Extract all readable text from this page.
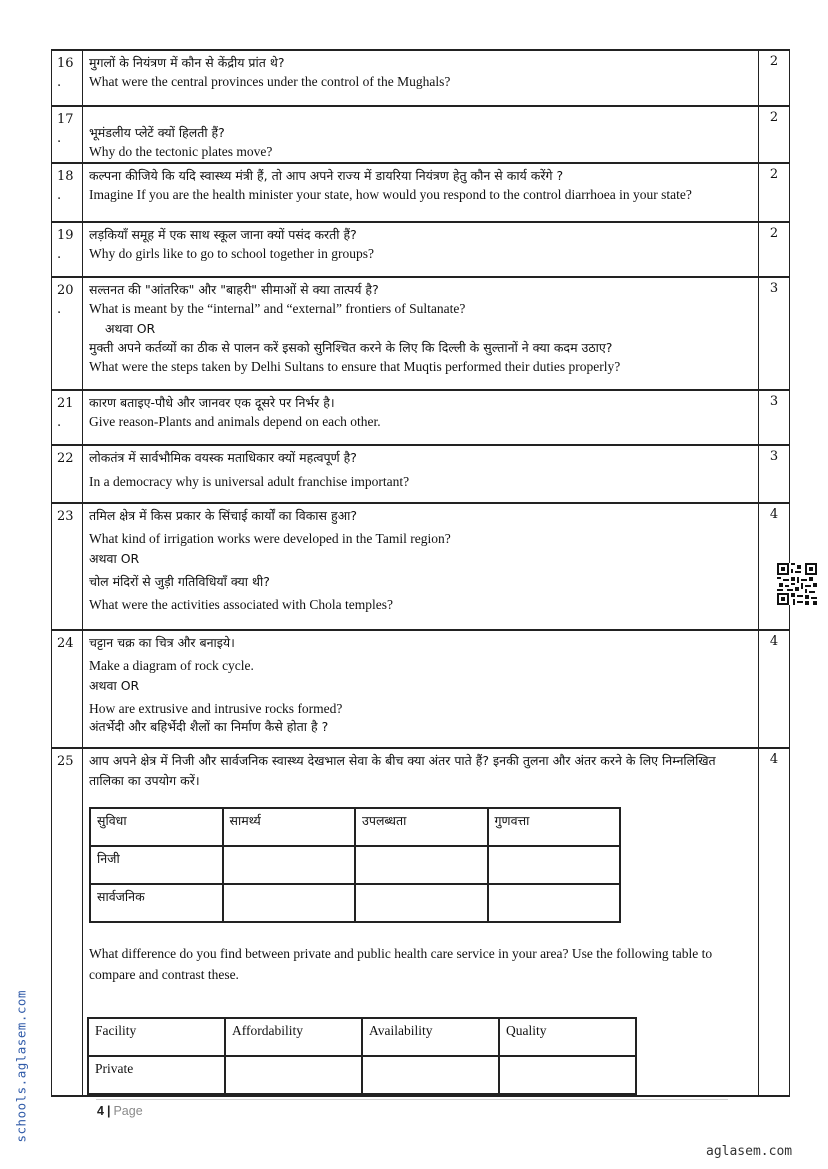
16
.

मुगलों के नियंत्रण में कौन से केंद्रीय प्रांत थे?
What were the central provinces under the control of the Mughals?
	2
17
.	भूमंडलीय प्लेटें क्यों हिलती हैं?
Why do the tectonic plates move?
	2
18
.

कल्पना कीजिये कि यदि स्वास्थ्य मंत्री हैं, तो आप अपने राज्य में डायरिया नियंत्रण हेतु कौन से कार्य करेंगे ?
Imagine If you are the health minister your state, how would you respond to the control diarrhoea in your state?
	2
19
.

लड़कियाँ समूह में एक साथ स्कूल जाना क्यों पसंद करती हैं?
Why do girls like to go to school together in groups?
	2
20
.

सल्तनत की "आंतरिक" और "बाहरी" सीमाओं से क्या तात्पर्य है?
What is meant by the “internal” and “external” frontiers of Sultanate?
अथवा OR
मुक्ती अपने कर्तव्यों का ठीक से पालन करें इसको सुनिश्चित करने के लिए कि दिल्ली के सुल्तानों ने क्या कदम उठाए?
What were the steps taken by Delhi Sultans to ensure that Muqtis performed their duties properly?
	3
21
.

कारण बताइए-पौधे और जानवर एक दूसरे पर निर्भर है।
Give reason-Plants and animals depend on each other.
	3
22	लोकतंत्र में सार्वभौमिक वयस्क मताधिकार क्यों महत्वपूर्ण है?
In a democracy why is universal adult franchise important?
	3
23	तमिल क्षेत्र में किस प्रकार के सिंचाई कार्यों का विकास हुआ?
What kind of irrigation works were developed in the Tamil region?
अथवा OR
चोल मंदिरों से जुड़ी गतिविधियाँ क्या थी?
What were the activities associated with Chola temples?
	4
24	चट्टान चक्र का चित्र और बनाइये।
Make a diagram of rock cycle.
अथवा OR
How are extrusive and intrusive rocks formed?
अंतर्भेदी और बहिर्भेदी शैलों का निर्माण कैसे होता है ?
	4
25	आप अपने क्षेत्र में निजी और सार्वजनिक स्वास्थ्य देखभाल सेवा के बीच क्या अंतर पाते हैं? इनकी तुलना और अंतर करने के लिए निम्नलिखित तालिका का उपयोग करें।
सुविधा	सामर्थ्य	उपलब्धता	गुणवत्ता
निजी			
सार्वजनिक			
What difference do you find between private and public health care service in your area? Use the following table to compare and contrast these.
Facility	Affordability	Availability	Quality
Private			
	4
schools.aglasem.com	4 | Page
aglasem.com
